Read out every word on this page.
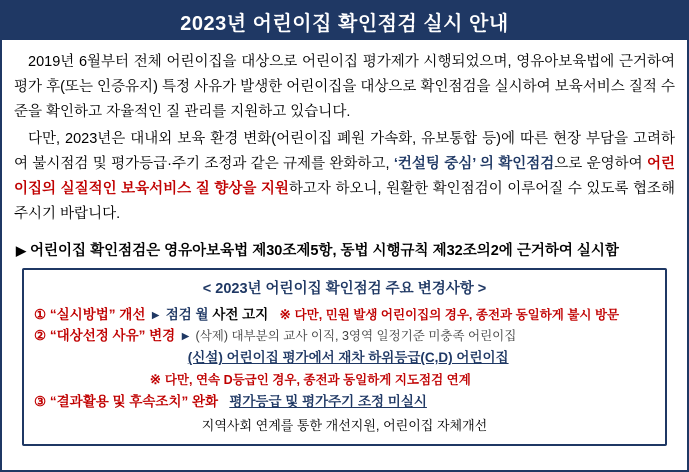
2023년 어린이집 확인점검 실시 안내

2019년 6월부터 전체 어린이집을 대상으로 어린이집 평가제가 시행되었으며, 영유아보육법에 근거하여 평가 후(또는 인증유지) 특정 사유가 발생한 어린이집을 대상으로 확인점검을 실시하여 보육서비스 질적 수준을 확인하고 자율적인 질 관리를 지원하고 있습니다.

다만, 2023년은 대내외 보육 환경 변화(어린이집 폐원 가속화, 유보통합 등)에 따른 현장 부담을 고려하여 불시점검 및 평가등급·주기 조정과 같은 규제를 완화하고, ‘컨설팅 중심’ 의 확인점검으로 운영하여 어린이집의 실질적인 보육서비스 질 향상을 지원하고자 하오니, 원활한 확인점검이 이루어질 수 있도록 협조해주시기 바랍니다.

▶ 어린이집 확인점검은 영유아보육법 제30조제5항, 동법 시행규칙 제32조의2에 근거하여 실시함
< 2023년 어린이집 확인점검 주요 변경사항 >
① “실시방법” 개선 ▸ 점검 월 사전 고지 ※ 다만, 민원 발생 어린이집의 경우, 종전과 동일하게 불시 방문
② “대상선정 사유” 변경 ▸ (삭제) 대부분의 교사 이직, 3영역 일정기준 미충족 어린이집
(신설) 어린이집 평가에서 재차 하위등급(C,D) 어린이집
※ 다만, 연속 D등급인 경우, 종전과 동일하게 지도점검 연계
③ “결과활용 및 후속조치” 완화 평가등급 및 평가주기 조정 미실시
지역사회 연계를 통한 개선지원, 어린이집 자체개선
